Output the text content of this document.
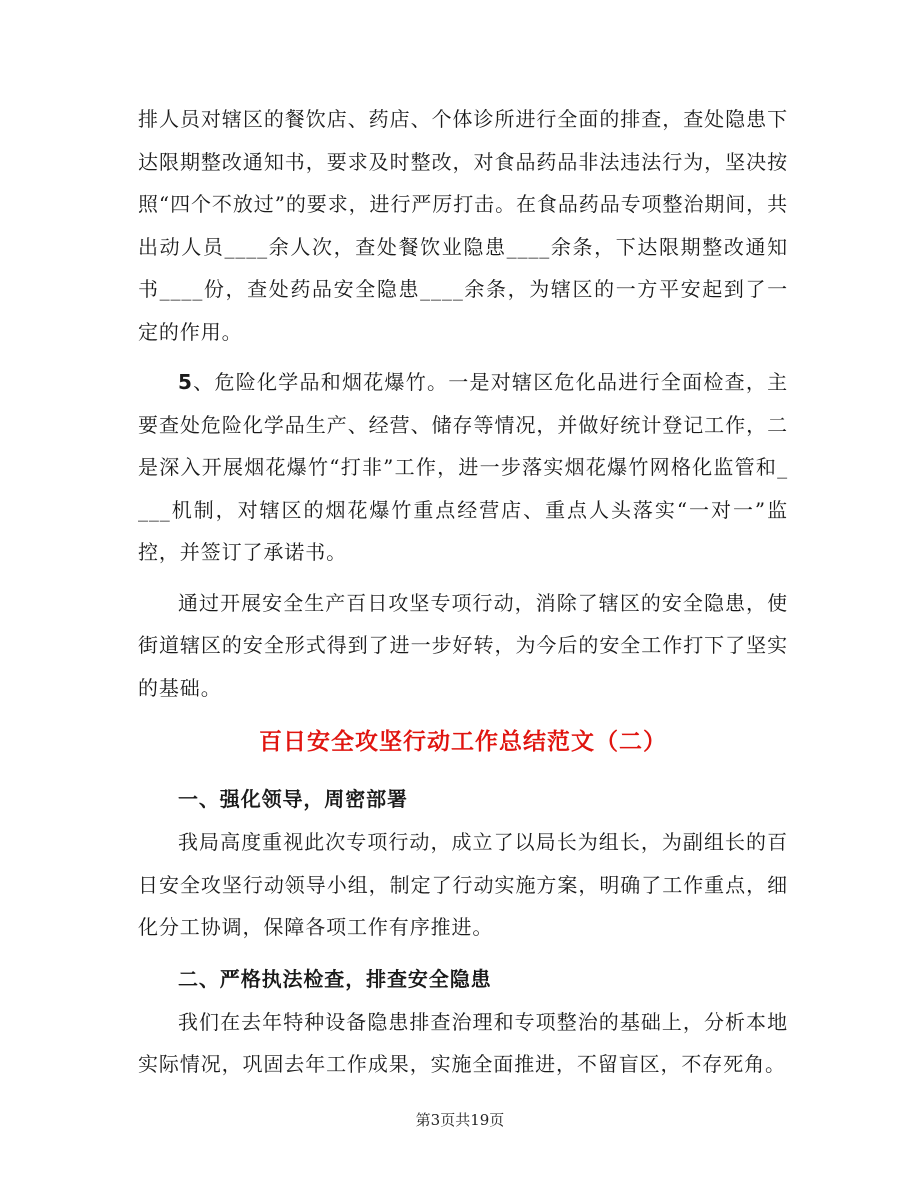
排人员对辖区的餐饮店、药店、个体诊所进行全面的排查，查处隐患下达限期整改通知书，要求及时整改，对食品药品非法违法行为，坚决按照“四个不放过”的要求，进行严厉打击。在食品药品专项整治期间，共出动人员____余人次，查处餐饮业隐患____余条，下达限期整改通知书____份，查处药品安全隐患____余条，为辖区的一方平安起到了一定的作用。

5、危险化学品和烟花爆竹。一是对辖区危化品进行全面检查，主要查处危险化学品生产、经营、储存等情况，并做好统计登记工作，二是深入开展烟花爆竹“打非”工作，进一步落实烟花爆竹网格化监管和____机制，对辖区的烟花爆竹重点经营店、重点人头落实“一对一”监控，并签订了承诺书。

通过开展安全生产百日攻坚专项行动，消除了辖区的安全隐患，使街道辖区的安全形式得到了进一步好转，为今后的安全工作打下了坚实的基础。

百日安全攻坚行动工作总结范文（二）

一、强化领导，周密部署

我局高度重视此次专项行动，成立了以局长为组长，为副组长的百日安全攻坚行动领导小组，制定了行动实施方案，明确了工作重点，细化分工协调，保障各项工作有序推进。

二、严格执法检查，排查安全隐患

我们在去年特种设备隐患排查治理和专项整治的基础上，分析本地实际情况，巩固去年工作成果，实施全面推进，不留盲区，不存死角。

第3页共19页
